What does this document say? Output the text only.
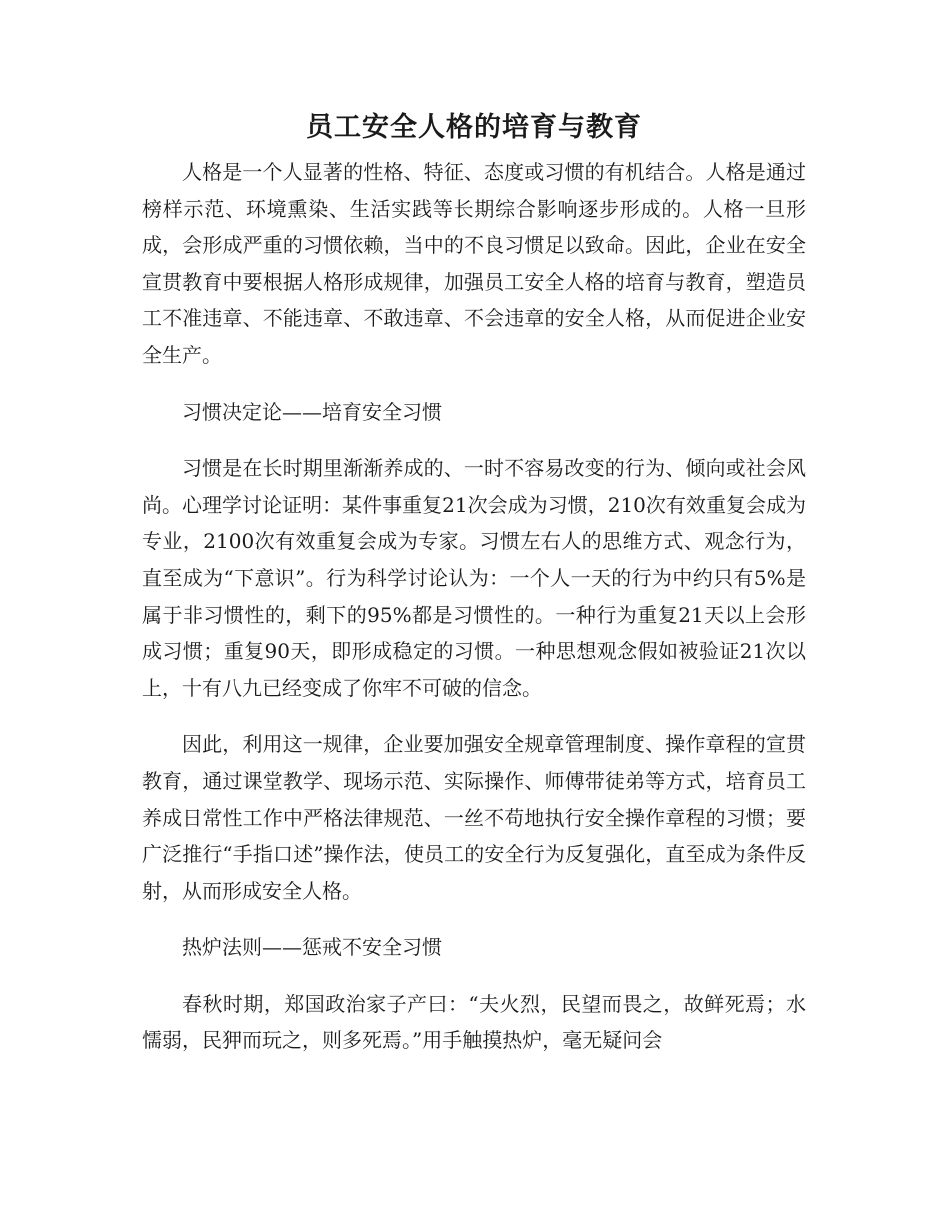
员工安全人格的培育与教育

人格是一个人显著的性格、特征、态度或习惯的有机结合。人格是通过榜样示范、环境熏染、生活实践等长期综合影响逐步形成的。人格一旦形成，会形成严重的习惯依赖，当中的不良习惯足以致命。因此，企业在安全宣贯教育中要根据人格形成规律，加强员工安全人格的培育与教育，塑造员工不准违章、不能违章、不敢违章、不会违章的安全人格，从而促进企业安全生产。

习惯决定论——培育安全习惯

习惯是在长时期里渐渐养成的、一时不容易改变的行为、倾向或社会风尚。心理学讨论证明：某件事重复21次会成为习惯，210次有效重复会成为专业，2100次有效重复会成为专家。习惯左右人的思维方式、观念行为，直至成为“下意识”。行为科学讨论认为：一个人一天的行为中约只有5%是属于非习惯性的，剩下的95%都是习惯性的。一种行为重复21天以上会形成习惯；重复90天，即形成稳定的习惯。一种思想观念假如被验证21次以上，十有八九已经变成了你牢不可破的信念。

因此，利用这一规律，企业要加强安全规章管理制度、操作章程的宣贯教育，通过课堂教学、现场示范、实际操作、师傅带徒弟等方式，培育员工养成日常性工作中严格法律规范、一丝不苟地执行安全操作章程的习惯；要广泛推行“手指口述”操作法，使员工的安全行为反复强化，直至成为条件反射，从而形成安全人格。

热炉法则——惩戒不安全习惯

春秋时期，郑国政治家子产曰：“夫火烈，民望而畏之，故鲜死焉；水懦弱，民狎而玩之，则多死焉。”用手触摸热炉，毫无疑问会
